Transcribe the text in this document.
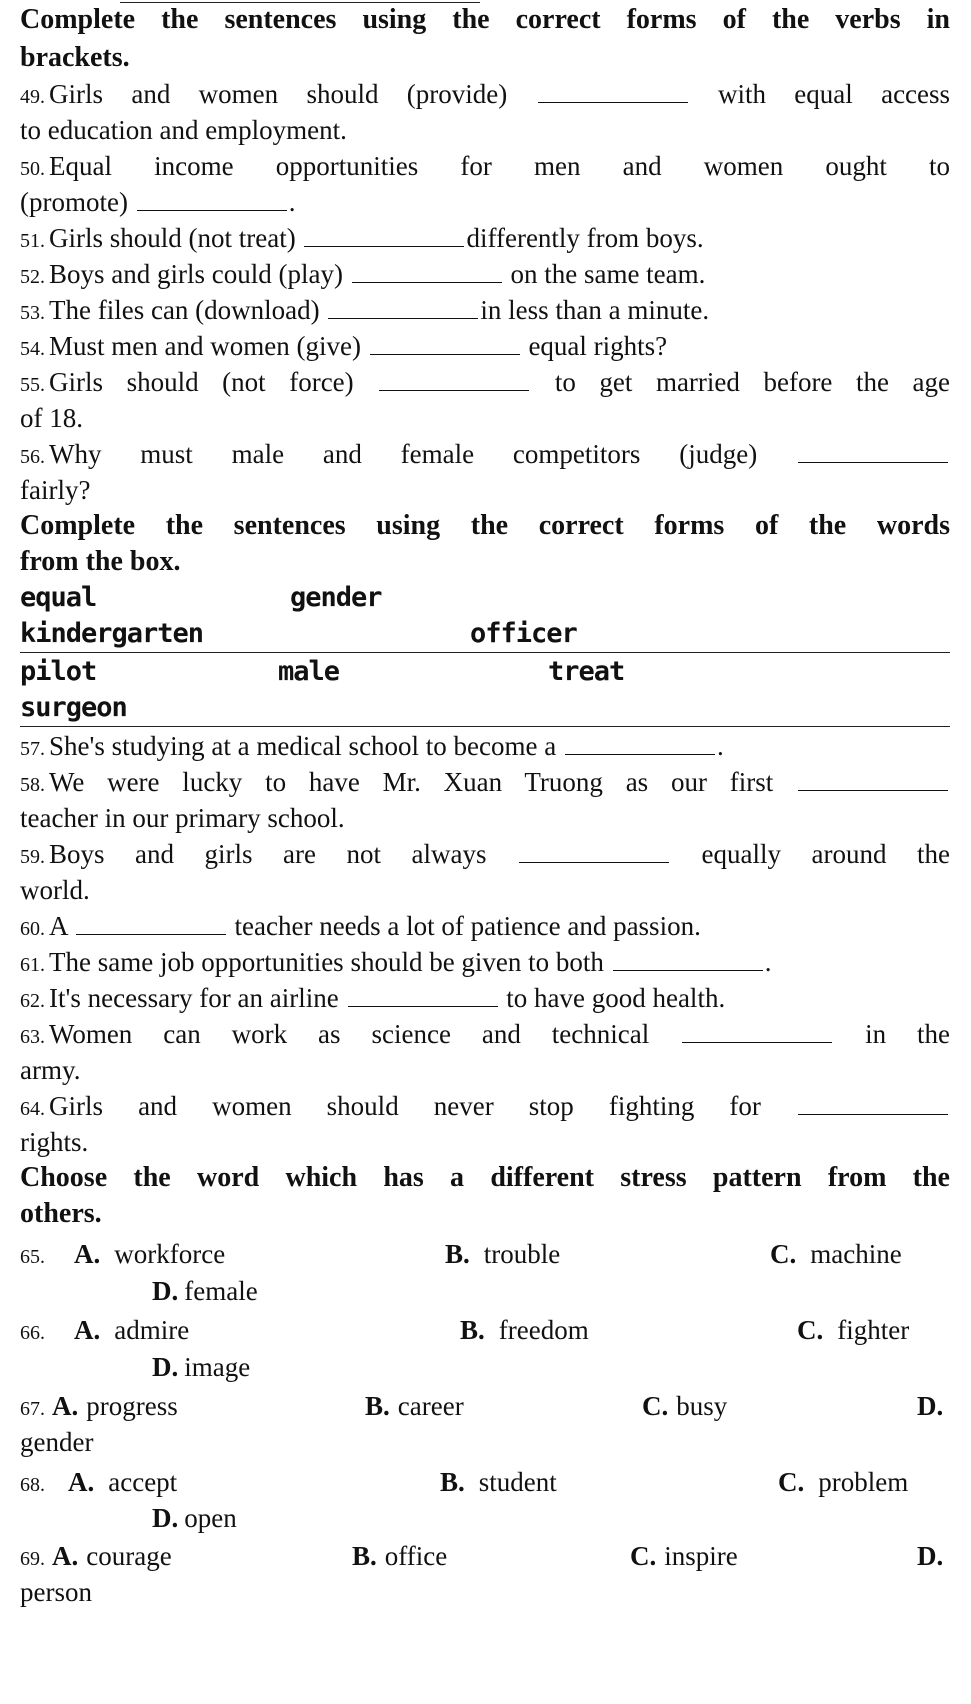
Complete the sentences using the correct forms of the verbs in
brackets.
49. Girls and women should (provide)	with equal access
to education and employment.
50. Equal income opportunities for men and women ought to
(promote)	.
51. Girls should (not treat)	differently from boys.
52. Boys and girls could (play)	on the same team.
53. The files can (download)	in less than a minute.
54. Must men and women (give)	equal rights?
55. Girls should (not force)	to get married before the age
of 18.
56. Why must male and female competitors (judge)
fairly?
Complete the sentences using the correct forms of the words
from the box.
equal	gender
kindergarten	officer
pilot	male	treat
surgeon
57. She's studying at a medical school to become a	.
58. We were lucky to have Mr. Xuan Truong as our first
teacher in our primary school.
59. Boys and girls are not always	equally around the
world.
60. A	teacher needs a lot of patience and passion.
61. The same job opportunities should be given to both	.
62. It's necessary for an airline	to have good health.
63. Women can work as science and technical	in the
army.
64. Girls and women should never stop fighting for
rights.
Choose the word which has a different stress pattern from the
others.
65. A. workforce	B. trouble	C. machine
D. female
66. A. admire	B. freedom	C. fighter
D. image
67. A. progress	B. career	C. busy	D.
gender
68. A. accept	B. student	C. problem
D. open
69. A. courage	B. office	C. inspire	D.
person
